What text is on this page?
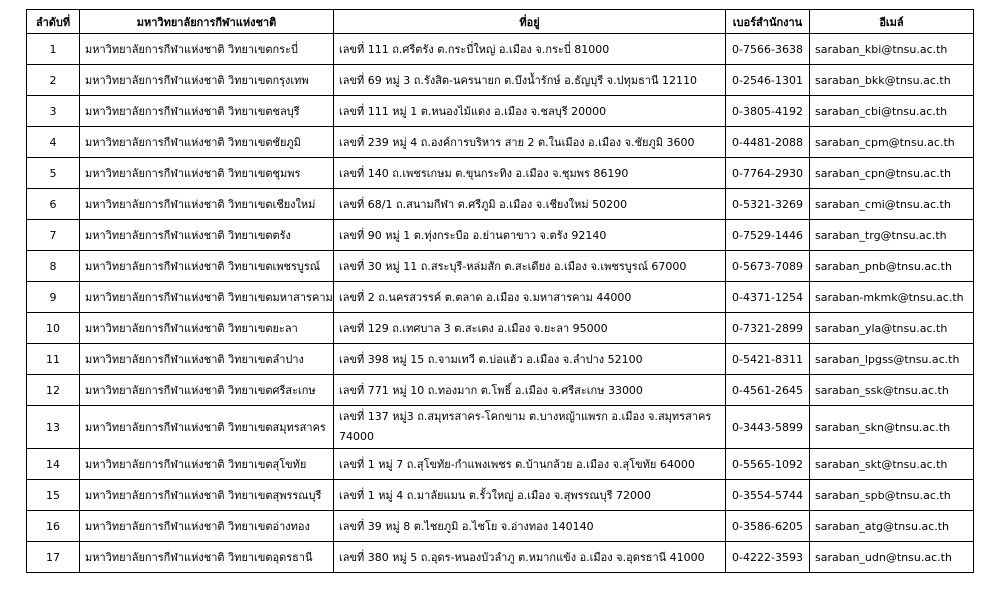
ลำดับที่	มหาวิทยาลัยการกีฬาแห่งชาติ	ที่อยู่	เบอร์สำนักงาน	อีเมล์
1	มหาวิทยาลัยการกีฬาแห่งชาติ วิทยาเขตกระบี่	เลขที่ 111 ถ.ศรีตรัง ต.กระบี่ใหญ่ อ.เมือง จ.กระบี่ 81000	0-7566-3638	saraban_kbi@tnsu.ac.th
2	มหาวิทยาลัยการกีฬาแห่งชาติ วิทยาเขตกรุงเทพ	เลขที่ 69 หมู่ 3 ถ.รังสิต-นครนายก ต.บึงน้ำรักษ์ อ.ธัญบุรี จ.ปทุมธานี 12110	0-2546-1301	saraban_bkk@tnsu.ac.th
3	มหาวิทยาลัยการกีฬาแห่งชาติ วิทยาเขตชลบุรี	เลขที่ 111 หมู่ 1 ต.หนองไม้แดง อ.เมือง จ.ชลบุรี 20000	0-3805-4192	saraban_cbi@tnsu.ac.th
4	มหาวิทยาลัยการกีฬาแห่งชาติ วิทยาเขตชัยภูมิ	เลขที่ 239 หมู่ 4 ถ.องค์การบริหาร สาย 2 ต.ในเมือง อ.เมือง จ.ชัยภูมิ 3600	0-4481-2088	saraban_cpm@tnsu.ac.th
5	มหาวิทยาลัยการกีฬาแห่งชาติ วิทยาเขตชุมพร	เลขที่ 140 ถ.เพชรเกษม ต.ขุนกระทิง อ.เมือง จ.ชุมพร 86190	0-7764-2930	saraban_cpn@tnsu.ac.th
6	มหาวิทยาลัยการกีฬาแห่งชาติ วิทยาเขตเชียงใหม่	เลขที่ 68/1 ถ.สนามกีฬา ต.ศรีภูมิ อ.เมือง จ.เชียงใหม่ 50200	0-5321-3269	saraban_cmi@tnsu.ac.th
7	มหาวิทยาลัยการกีฬาแห่งชาติ วิทยาเขตตรัง	เลขที่ 90 หมู่ 1 ต.ทุ่งกระบือ อ.ย่านตาขาว จ.ตรัง 92140	0-7529-1446	saraban_trg@tnsu.ac.th
8	มหาวิทยาลัยการกีฬาแห่งชาติ วิทยาเขตเพชรบูรณ์	เลขที่ 30 หมู่ 11 ถ.สระบุรี-หล่มสัก ต.สะเดียง อ.เมือง จ.เพชรบูรณ์ 67000	0-5673-7089	saraban_pnb@tnsu.ac.th
9	มหาวิทยาลัยการกีฬาแห่งชาติ วิทยาเขตมหาสารคาม	เลขที่ 2 ถ.นครสวรรค์ ต.ตลาด อ.เมือง จ.มหาสารคาม 44000	0-4371-1254	saraban-mkmk@tnsu.ac.th
10	มหาวิทยาลัยการกีฬาแห่งชาติ วิทยาเขตยะลา	เลขที่ 129 ถ.เทศบาล 3 ต.สะเตง อ.เมือง จ.ยะลา 95000	0-7321-2899	saraban_yla@tnsu.ac.th
11	มหาวิทยาลัยการกีฬาแห่งชาติ วิทยาเขตลำปาง	เลขที่ 398 หมู่ 15 ถ.จามเทวี ต.บ่อแฮ้ว อ.เมือง จ.ลำปาง 52100	0-5421-8311	saraban_lpgss@tnsu.ac.th
12	มหาวิทยาลัยการกีฬาแห่งชาติ วิทยาเขตศรีสะเกษ	เลขที่ 771 หมู่ 10 ถ.ทองมาก ต.โพธิ์ อ.เมือง จ.ศรีสะเกษ 33000	0-4561-2645	saraban_ssk@tnsu.ac.th
13	มหาวิทยาลัยการกีฬาแห่งชาติ วิทยาเขตสมุทรสาคร	เลขที่ 137 หมู่3 ถ.สมุทรสาคร-โคกขาม ต.บางหญ้าแพรก อ.เมือง จ.สมุทรสาคร 74000	0-3443-5899	saraban_skn@tnsu.ac.th
14	มหาวิทยาลัยการกีฬาแห่งชาติ วิทยาเขตสุโขทัย	เลขที่ 1 หมู่ 7 ถ.สุโขทัย-กำแพงเพชร ต.บ้านกล้วย อ.เมือง จ.สุโขทัย 64000	0-5565-1092	saraban_skt@tnsu.ac.th
15	มหาวิทยาลัยการกีฬาแห่งชาติ วิทยาเขตสุพรรณบุรี	เลขที่ 1 หมู่ 4 ถ.มาลัยแมน ต.รั้วใหญ่ อ.เมือง จ.สุพรรณบุรี 72000	0-3554-5744	saraban_spb@tnsu.ac.th
16	มหาวิทยาลัยการกีฬาแห่งชาติ วิทยาเขตอ่างทอง	เลขที่ 39 หมู่ 8 ต.ไชยภูมิ อ.ไชโย จ.อ่างทอง 140140	0-3586-6205	saraban_atg@tnsu.ac.th
17	มหาวิทยาลัยการกีฬาแห่งชาติ วิทยาเขตอุดรธานี	เลขที่ 380 หมู่ 5 ถ.อุดร-หนองบัวลำภู ต.หมากแข้ง อ.เมือง จ.อุดรธานี 41000	0-4222-3593	saraban_udn@tnsu.ac.th
